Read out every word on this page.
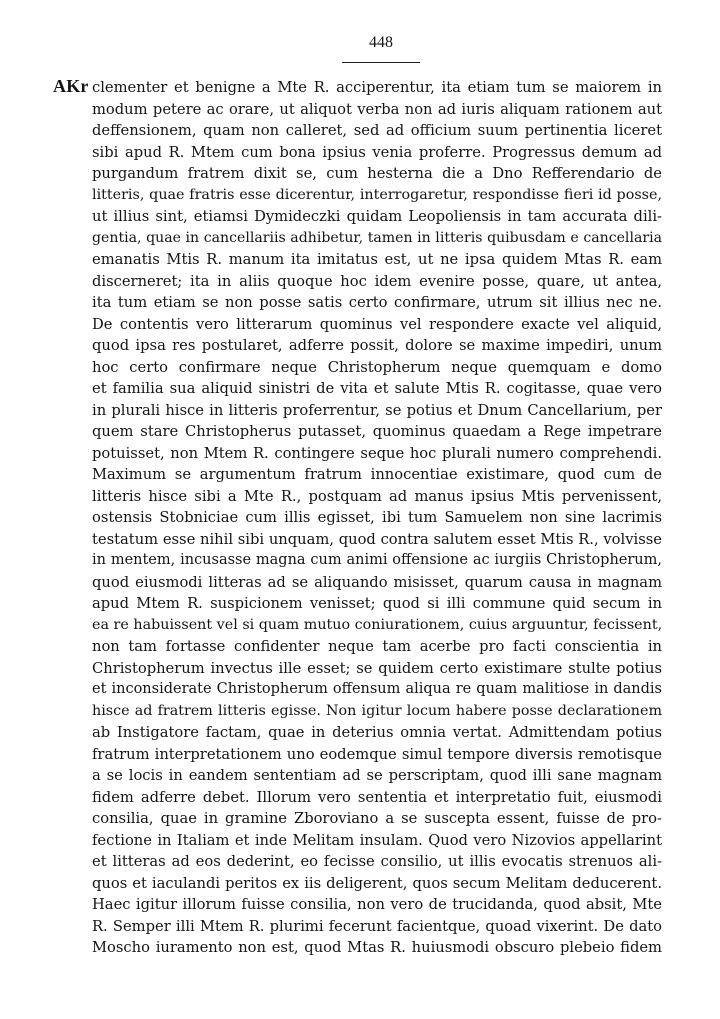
448
AKr clementer et benigne a Mte R. acciperentur, ita etiam tum se maiorem in
modum petere ac orare, ut aliquot verba non ad iuris aliquam rationem aut
deffensionem, quam non calleret, sed ad officium suum pertinentia liceret
sibi apud R. Mtem cum bona ipsius venia proferre. Progressus demum ad
purgandum fratrem dixit se, cum hesterna die a Dno Refferendario de
litteris, quae fratris esse dicerentur, interrogaretur, respondisse fieri id posse,
ut illius sint, etiamsi Dymideczki quidam Leopoliensis in tam accurata dili-
gentia, quae in cancellariis adhibetur, tamen in litteris quibusdam e cancellaria
emanatis Mtis R. manum ita imitatus est, ut ne ipsa quidem Mtas R. eam
discerneret; ita in aliis quoque hoc idem evenire posse, quare, ut antea,
ita tum etiam se non posse satis certo confirmare, utrum sit illius nec ne.
De contentis vero litterarum quominus vel respondere exacte vel aliquid,
quod ipsa res postularet, adferre possit, dolore se maxime impediri, unum
hoc certo confirmare neque Christopherum neque quemquam e domo
et familia sua aliquid sinistri de vita et salute Mtis R. cogitasse, quae vero
in plurali hisce in litteris proferrentur, se potius et Dnum Cancellarium, per
quem stare Christopherus putasset, quominus quaedam a Rege impetrare
potuisset, non Mtem R. contingere seque hoc plurali numero comprehendi.
Maximum se argumentum fratrum innocentiae existimare, quod cum de
litteris hisce sibi a Mte R., postquam ad manus ipsius Mtis pervenissent,
ostensis Stobniciae cum illis egisset, ibi tum Samuelem non sine lacrimis
testatum esse nihil sibi unquam, quod contra salutem esset Mtis R., volvisse
in mentem, incusasse magna cum animi offensione ac iurgiis Christopherum,
quod eiusmodi litteras ad se aliquando misisset, quarum causa in magnam
apud Mtem R. suspicionem venisset; quod si illi commune quid secum in
ea re habuissent vel si quam mutuo coniurationem, cuius arguuntur, fecissent,
non tam fortasse confidenter neque tam acerbe pro facti conscientia in
Christopherum invectus ille esset; se quidem certo existimare stulte potius
et inconsiderate Christopherum offensum aliqua re quam malitiose in dandis
hisce ad fratrem litteris egisse. Non igitur locum habere posse declarationem
ab Instigatore factam, quae in deterius omnia vertat. Admittendam potius
fratrum interpretationem uno eodemque simul tempore diversis remotisque
a se locis in eandem sententiam ad se perscriptam, quod illi sane magnam
fidem adferre debet. Illorum vero sententia et interpretatio fuit, eiusmodi
consilia, quae in gramine Zboroviano a se suscepta essent, fuisse de pro-
fectione in Italiam et inde Melitam insulam. Quod vero Nizovios appellarint
et litteras ad eos dederint, eo fecisse consilio, ut illis evocatis strenuos ali-
quos et iaculandi peritos ex iis deligerent, quos secum Melitam deducerent.
Haec igitur illorum fuisse consilia, non vero de trucidanda, quod absit, Mte
R. Semper illi Mtem R. plurimi fecerunt facientque, quoad vixerint. De dato
Moscho iuramento non est, quod Mtas R. huiusmodi obscuro plebeio fidem
